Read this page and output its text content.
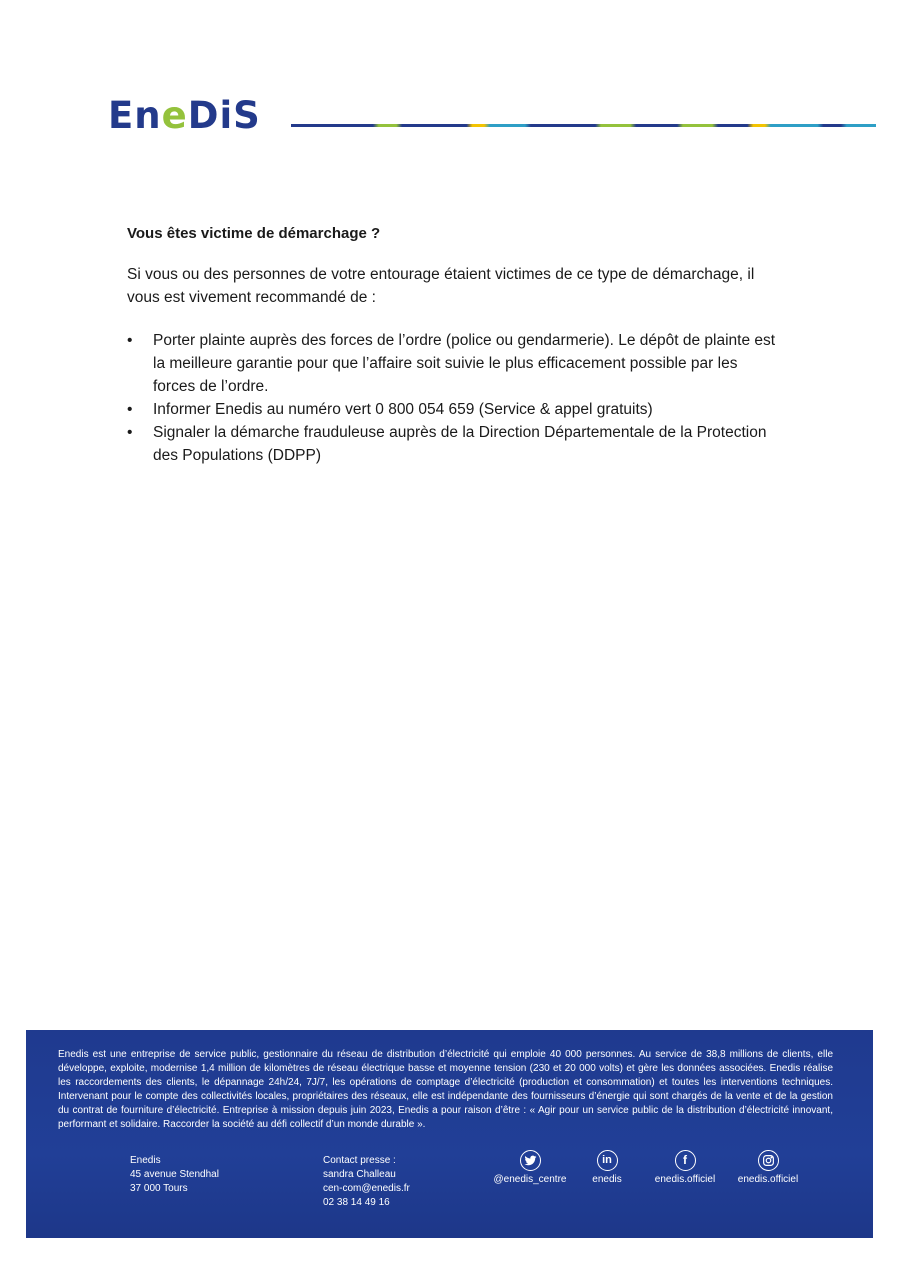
EneDiS

Vous êtes victime de démarchage ?

Si vous ou des personnes de votre entourage étaient victimes de ce type de démarchage, il vous est vivement recommandé de :

• Porter plainte auprès des forces de l’ordre (police ou gendarmerie). Le dépôt de plainte est la meilleure garantie pour que l’affaire soit suivie le plus efficacement possible par les forces de l’ordre.
• Informer Enedis au numéro vert 0 800 054 659 (Service & appel gratuits)
• Signaler la démarche frauduleuse auprès de la Direction Départementale de la Protection des Populations (DDPP)
Enedis est une entreprise de service public, gestionnaire du réseau de distribution d’électricité qui emploie 40 000 personnes. Au service de 38,8 millions de clients, elle développe, exploite, modernise 1,4 million de kilomètres de réseau électrique basse et moyenne tension (230 et 20 000 volts) et gère les données associées. Enedis réalise les raccordements des clients, le dépannage 24h/24, 7J/7, les opérations de comptage d’électricité (production et consommation) et toutes les interventions techniques. Intervenant pour le compte des collectivités locales, propriétaires des réseaux, elle est indépendante des fournisseurs d’énergie qui sont chargés de la vente et de la gestion du contrat de fourniture d’électricité. Entreprise à mission depuis juin 2023, Enedis a pour raison d’être : « Agir pour un service public de la distribution d’électricité innovant, performant et solidaire. Raccorder la société au défi collectif d’un monde durable ».
Enedis
45 avenue Stendhal
37 000 Tours
Contact presse :
sandra Challeau
cen-com@enedis.fr
02 38 14 49 16
@enedis_centre
in
enedis
f
enedis.officiel	enedis.officiel
